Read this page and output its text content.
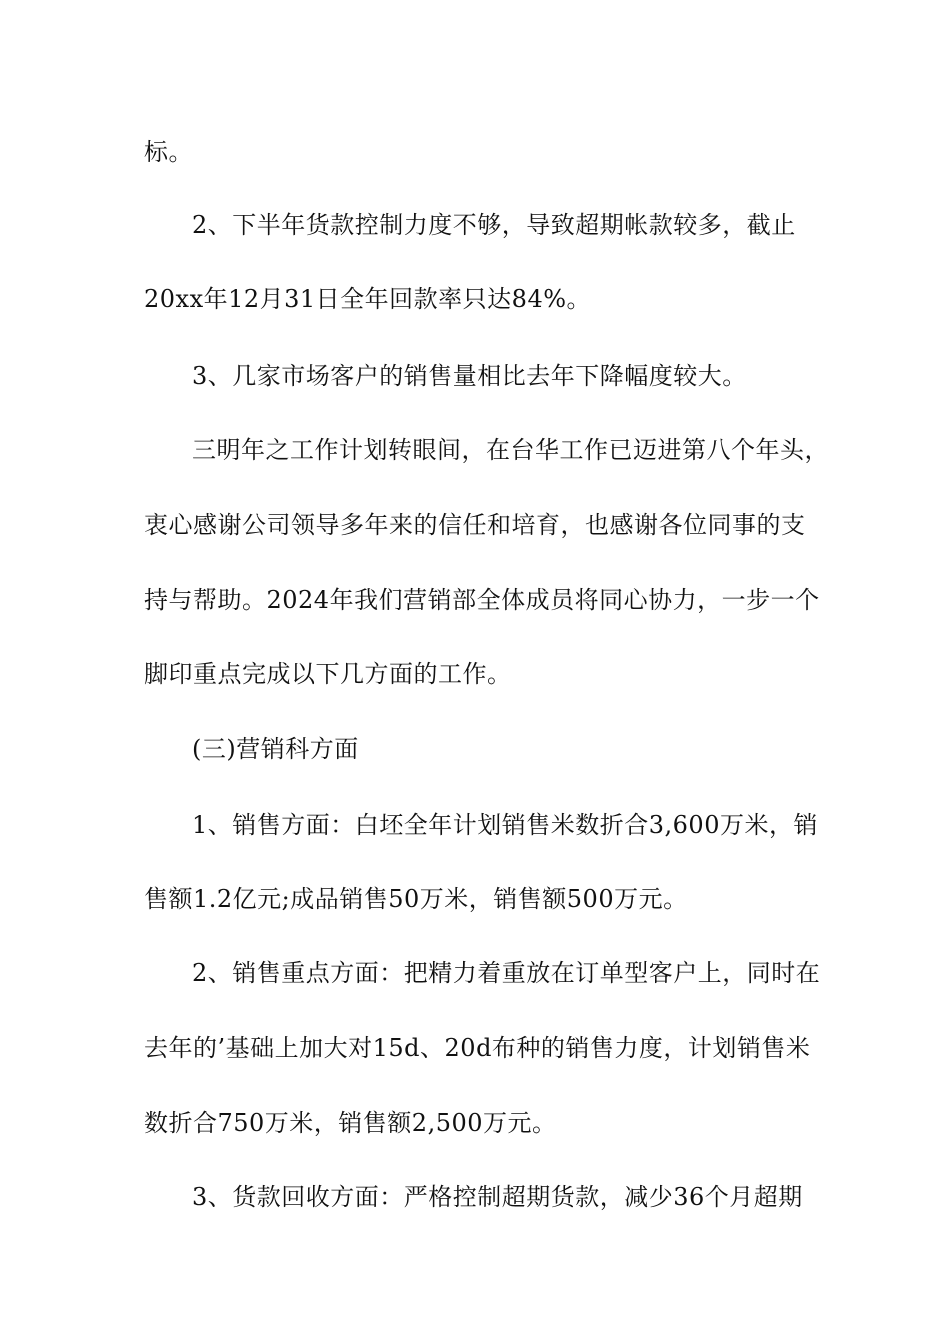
标。
2、下半年货款控制力度不够，导致超期帐款较多，截止
20xx年12月31日全年回款率只达84%。
3、几家市场客户的销售量相比去年下降幅度较大。
三明年之工作计划转眼间，在台华工作已迈进第八个年头，
衷心感谢公司领导多年来的信任和培育，也感谢各位同事的支
持与帮助。2024年我们营销部全体成员将同心协力，一步一个
脚印重点完成以下几方面的工作。
(三)营销科方面
1、销售方面：白坯全年计划销售米数折合3,600万米，销
售额1.2亿元;成品销售50万米，销售额500万元。
2、销售重点方面：把精力着重放在订单型客户上，同时在
去年的’基础上加大对15d、20d布种的销售力度，计划销售米
数折合750万米，销售额2,500万元。
3、货款回收方面：严格控制超期货款，减少36个月超期
